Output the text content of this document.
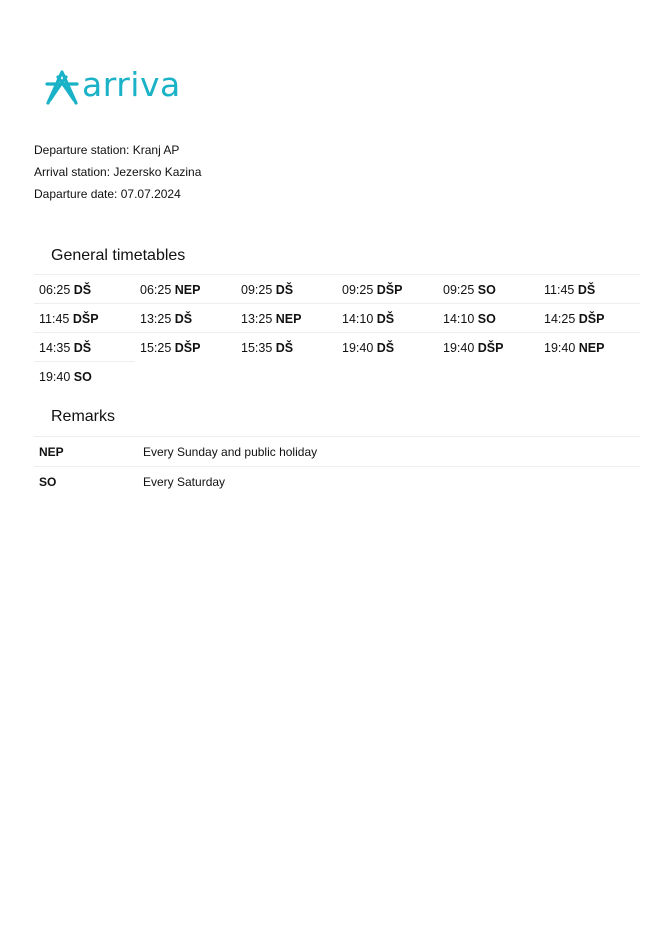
arriva
Departure station: Kranj AP
Arrival station: Jezersko Kazina
Daparture date: 07.07.2024
General timetables
06:25 DŠ	06:25 NEP	09:25 DŠ	09:25 DŠP	09:25 SO	11:45 DŠ
11:45 DŠP	13:25 DŠ	13:25 NEP	14:10 DŠ	14:10 SO	14:25 DŠP
14:35 DŠ	15:25 DŠP	15:35 DŠ	19:40 DŠ	19:40 DŠP	19:40 NEP
19:40 SO
Remarks
NEP	Every Sunday and public holiday
SO	Every Saturday
